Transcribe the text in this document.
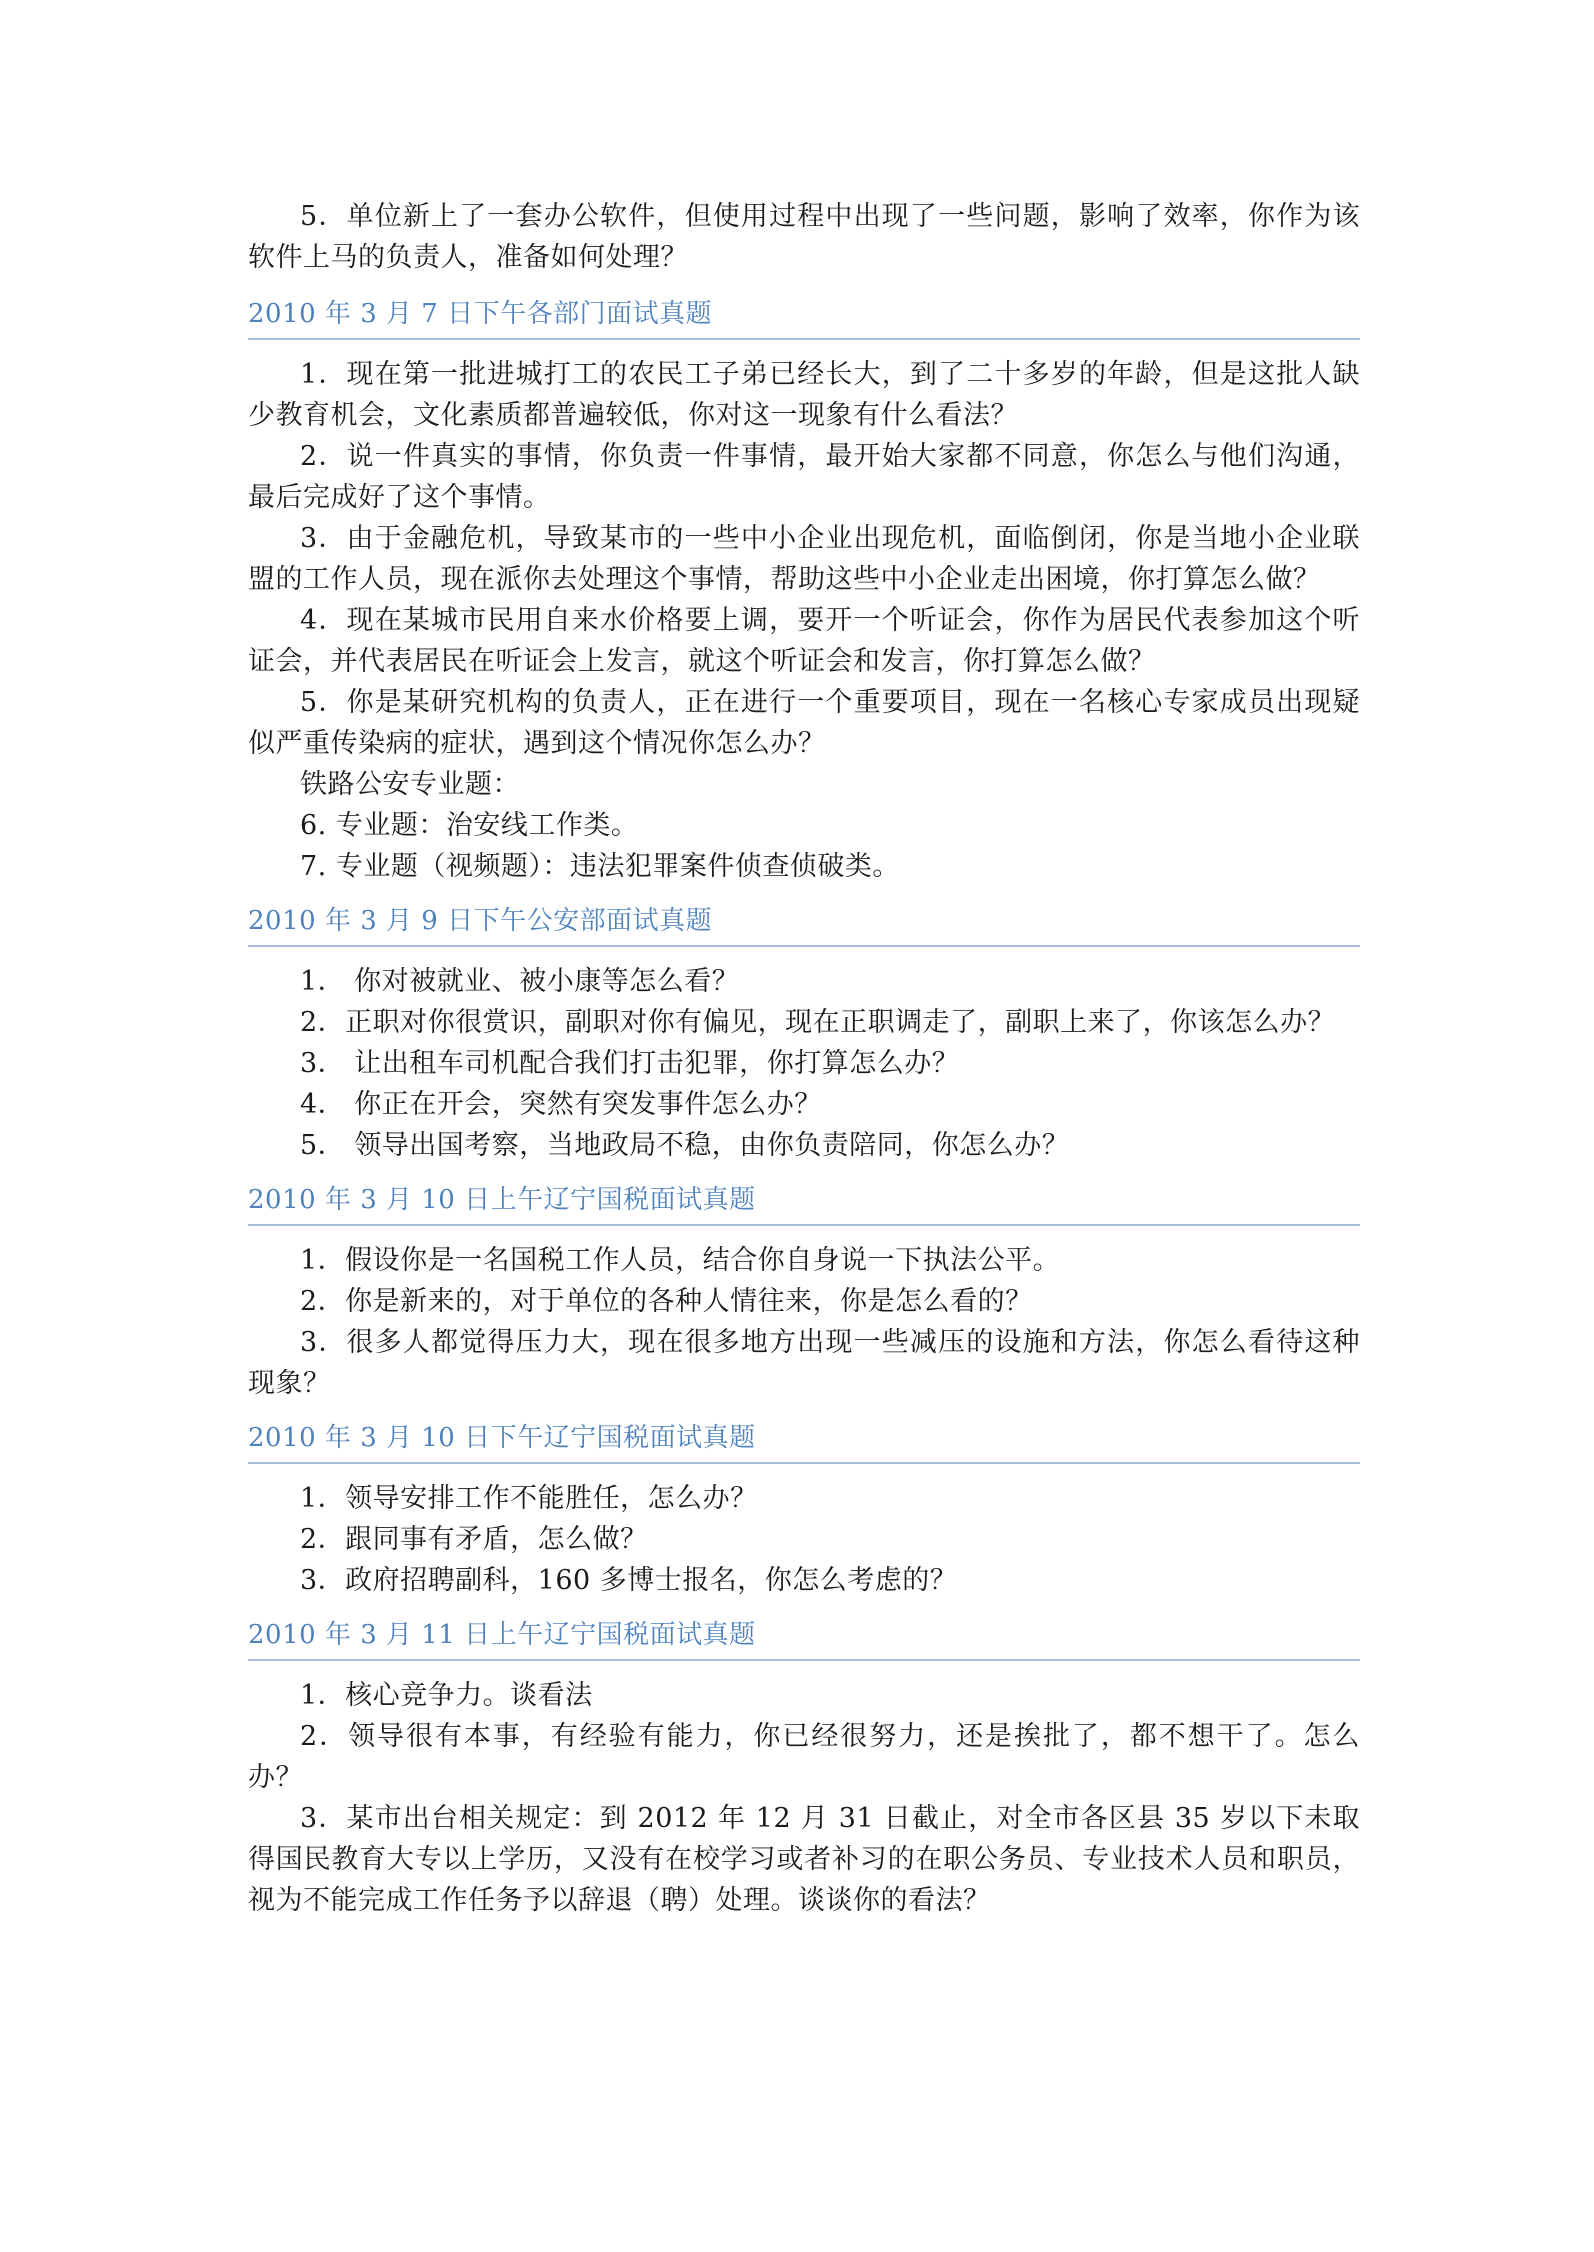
5．单位新上了一套办公软件，但使用过程中出现了一些问题，影响了效率，你作为该软件上马的负责人，准备如何处理？

2010 年 3 月 7 日下午各部门面试真题

1．现在第一批进城打工的农民工子弟已经长大，到了二十多岁的年龄，但是这批人缺少教育机会，文化素质都普遍较低，你对这一现象有什么看法？

2．说一件真实的事情，你负责一件事情，最开始大家都不同意，你怎么与他们沟通，最后完成好了这个事情。

3．由于金融危机，导致某市的一些中小企业出现危机，面临倒闭，你是当地小企业联盟的工作人员，现在派你去处理这个事情，帮助这些中小企业走出困境，你打算怎么做？

4．现在某城市民用自来水价格要上调，要开一个听证会，你作为居民代表参加这个听证会，并代表居民在听证会上发言，就这个听证会和发言，你打算怎么做？

5．你是某研究机构的负责人，正在进行一个重要项目，现在一名核心专家成员出现疑似严重传染病的症状，遇到这个情况你怎么办？

铁路公安专业题：

6. 专业题：治安线工作类。

7. 专业题（视频题）：违法犯罪案件侦查侦破类。

2010 年 3 月 9 日下午公安部面试真题

1． 你对被就业、被小康等怎么看？

2．正职对你很赏识，副职对你有偏见，现在正职调走了，副职上来了，你该怎么办？

3． 让出租车司机配合我们打击犯罪，你打算怎么办？

4． 你正在开会，突然有突发事件怎么办？

5． 领导出国考察，当地政局不稳，由你负责陪同，你怎么办？

2010 年 3 月 10 日上午辽宁国税面试真题

1．假设你是一名国税工作人员，结合你自身说一下执法公平。

2．你是新来的，对于单位的各种人情往来，你是怎么看的？

3．很多人都觉得压力大，现在很多地方出现一些减压的设施和方法，你怎么看待这种现象？

2010 年 3 月 10 日下午辽宁国税面试真题

1．领导安排工作不能胜任，怎么办？

2．跟同事有矛盾，怎么做？

3．政府招聘副科，160 多博士报名，你怎么考虑的？

2010 年 3 月 11 日上午辽宁国税面试真题

1．核心竞争力。谈看法

2．领导很有本事，有经验有能力，你已经很努力，还是挨批了，都不想干了。怎么办？

3．某市出台相关规定：到 2012 年 12 月 31 日截止，对全市各区县 35 岁以下未取得国民教育大专以上学历，又没有在校学习或者补习的在职公务员、专业技术人员和职员，视为不能完成工作任务予以辞退（聘）处理。谈谈你的看法？
